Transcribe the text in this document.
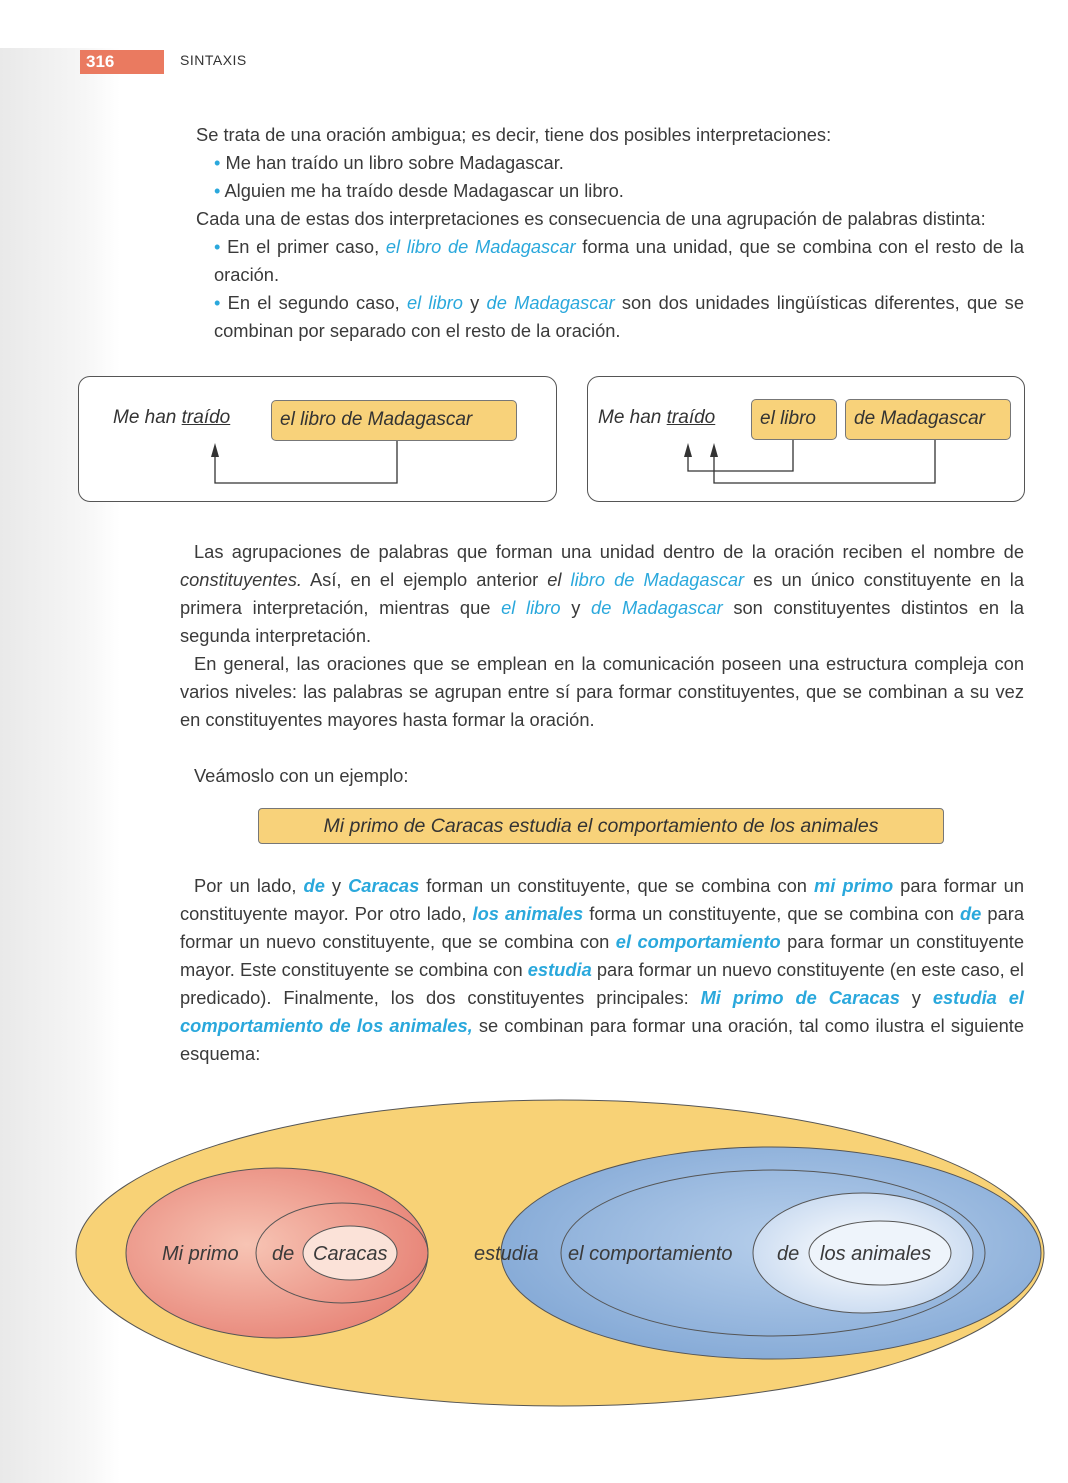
316	SINTAXIS

Se trata de una oración ambigua; es decir, tiene dos posibles interpretaciones:

• Me han traído un libro sobre Madagascar.

• Alguien me ha traído desde Madagascar un libro.

Cada una de estas dos interpretaciones es consecuencia de una agrupación de palabras distinta:

• En el primer caso, el libro de Madagascar forma una unidad, que se combina con el resto de la oración.

• En el segundo caso, el libro y de Madagascar son dos unidades lingüísticas diferentes, que se combinan por separado con el resto de la oración.

Me han traído	el libro de Madagascar	Me han traído	el libro	de Madagascar

Las agrupaciones de palabras que forman una unidad dentro de la oración reciben el nombre de constituyentes. Así, en el ejemplo anterior el libro de Madagascar es un único constituyente en la primera interpretación, mientras que el libro y de Madagascar son constituyentes distintos en la segunda interpretación.

En general, las oraciones que se emplean en la comunicación poseen una estructura compleja con varios niveles: las palabras se agrupan entre sí para formar constituyentes, que se combinan a su vez en constituyentes mayores hasta formar la oración.

Veámoslo con un ejemplo:

Mi primo de Caracas estudia el comportamiento de los animales

Por un lado, de y Caracas forman un constituyente, que se combina con mi primo para formar un constituyente mayor. Por otro lado, los animales forma un constituyente, que se combina con de para formar un nuevo constituyente, que se combina con el comportamiento para formar un constituyente mayor. Este constituyente se combina con estudia para formar un nuevo constituyente (en este caso, el predicado). Finalmente, los dos constituyentes principales: Mi primo de Caracas y estudia el comportamiento de los animales, se combinan para formar una oración, tal como ilustra el siguiente esquema:

Mi primo de Caracas	estudia el comportamiento de los animales
